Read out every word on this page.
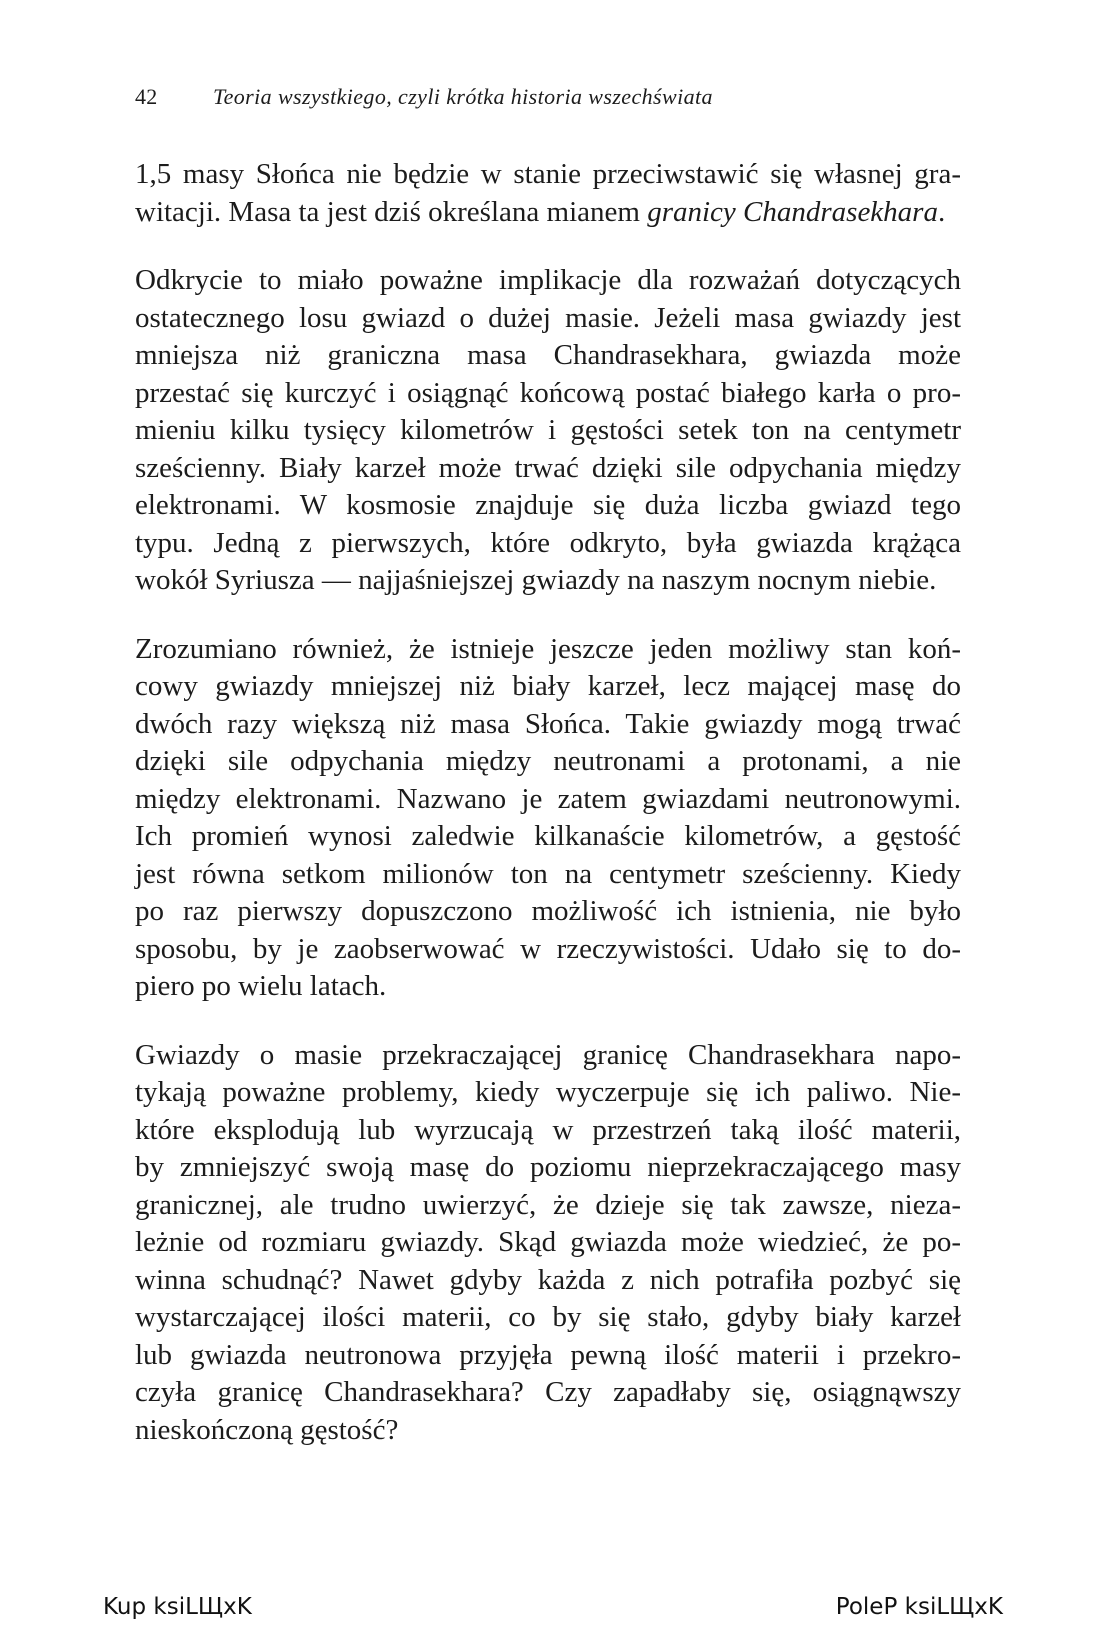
42	Teoria wszystkiego, czyli krótka historia wszechświata

1,5 masy Słońca nie będzie w stanie przeciwstawić się własnej gra-
witacji. Masa ta jest dziś określana mianem granicy Chandrasekhara.

Odkrycie to miało poważne implikacje dla rozważań dotyczących
ostatecznego losu gwiazd o dużej masie. Jeżeli masa gwiazdy jest
mniejsza niż graniczna masa Chandrasekhara, gwiazda może
przestać się kurczyć i osiągnąć końcową postać białego karła o pro-
mieniu kilku tysięcy kilometrów i gęstości setek ton na centymetr
sześcienny. Biały karzeł może trwać dzięki sile odpychania między
elektronami. W kosmosie znajduje się duża liczba gwiazd tego
typu. Jedną z pierwszych, które odkryto, była gwiazda krążąca
wokół Syriusza — najjaśniejszej gwiazdy na naszym nocnym niebie.

Zrozumiano również, że istnieje jeszcze jeden możliwy stan koń-
cowy gwiazdy mniejszej niż biały karzeł, lecz mającej masę do
dwóch razy większą niż masa Słońca. Takie gwiazdy mogą trwać
dzięki sile odpychania między neutronami a protonami, a nie
między elektronami. Nazwano je zatem gwiazdami neutronowymi.
Ich promień wynosi zaledwie kilkanaście kilometrów, a gęstość
jest równa setkom milionów ton na centymetr sześcienny. Kiedy
po raz pierwszy dopuszczono możliwość ich istnienia, nie było
sposobu, by je zaobserwować w rzeczywistości. Udało się to do-
piero po wielu latach.

Gwiazdy o masie przekraczającej granicę Chandrasekhara napo-
tykają poważne problemy, kiedy wyczerpuje się ich paliwo. Nie-
które eksplodują lub wyrzucają w przestrzeń taką ilość materii,
by zmniejszyć swoją masę do poziomu nieprzekraczającego masy
granicznej, ale trudno uwierzyć, że dzieje się tak zawsze, nieza-
leżnie od rozmiaru gwiazdy. Skąd gwiazda może wiedzieć, że po-
winna schudnąć? Nawet gdyby każda z nich potrafiła pozbyć się
wystarczającej ilości materii, co by się stało, gdyby biały karzeł
lub gwiazda neutronowa przyjęła pewną ilość materii i przekro-
czyła granicę Chandrasekhara? Czy zapadłaby się, osiągnąwszy
nieskończoną gęstość?

Kup ksiLЩxK	PoleP ksiLЩxK
